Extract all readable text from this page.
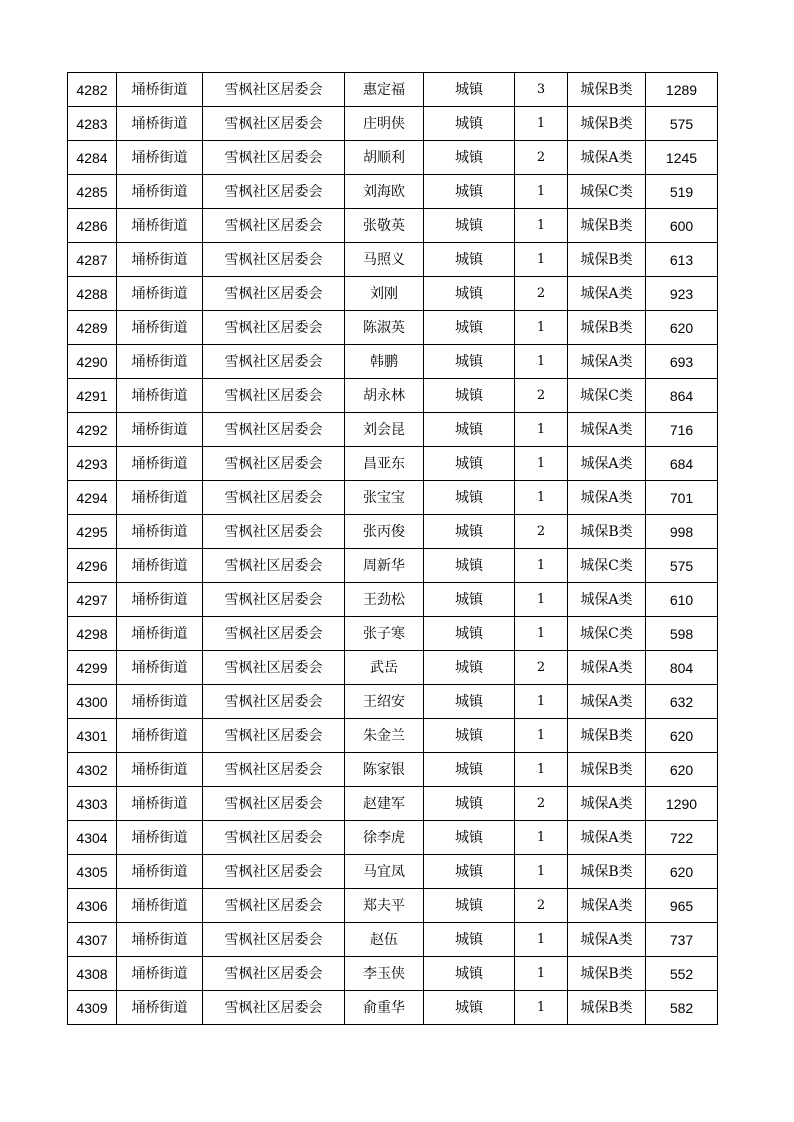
4282	埇桥街道	雪枫社区居委会	惠定福	城镇	3	城保B类	1289
4283	埇桥街道	雪枫社区居委会	庄明侠	城镇	1	城保B类	575
4284	埇桥街道	雪枫社区居委会	胡顺利	城镇	2	城保A类	1245
4285	埇桥街道	雪枫社区居委会	刘海欧	城镇	1	城保C类	519
4286	埇桥街道	雪枫社区居委会	张敬英	城镇	1	城保B类	600
4287	埇桥街道	雪枫社区居委会	马照义	城镇	1	城保B类	613
4288	埇桥街道	雪枫社区居委会	刘刚	城镇	2	城保A类	923
4289	埇桥街道	雪枫社区居委会	陈淑英	城镇	1	城保B类	620
4290	埇桥街道	雪枫社区居委会	韩鹏	城镇	1	城保A类	693
4291	埇桥街道	雪枫社区居委会	胡永林	城镇	2	城保C类	864
4292	埇桥街道	雪枫社区居委会	刘会昆	城镇	1	城保A类	716
4293	埇桥街道	雪枫社区居委会	昌亚东	城镇	1	城保A类	684
4294	埇桥街道	雪枫社区居委会	张宝宝	城镇	1	城保A类	701
4295	埇桥街道	雪枫社区居委会	张丙俊	城镇	2	城保B类	998
4296	埇桥街道	雪枫社区居委会	周新华	城镇	1	城保C类	575
4297	埇桥街道	雪枫社区居委会	王劲松	城镇	1	城保A类	610
4298	埇桥街道	雪枫社区居委会	张子寒	城镇	1	城保C类	598
4299	埇桥街道	雪枫社区居委会	武岳	城镇	2	城保A类	804
4300	埇桥街道	雪枫社区居委会	王绍安	城镇	1	城保A类	632
4301	埇桥街道	雪枫社区居委会	朱金兰	城镇	1	城保B类	620
4302	埇桥街道	雪枫社区居委会	陈家银	城镇	1	城保B类	620
4303	埇桥街道	雪枫社区居委会	赵建军	城镇	2	城保A类	1290
4304	埇桥街道	雪枫社区居委会	徐李虎	城镇	1	城保A类	722
4305	埇桥街道	雪枫社区居委会	马宜凤	城镇	1	城保B类	620
4306	埇桥街道	雪枫社区居委会	郑夫平	城镇	2	城保A类	965
4307	埇桥街道	雪枫社区居委会	赵伍	城镇	1	城保A类	737
4308	埇桥街道	雪枫社区居委会	李玉侠	城镇	1	城保B类	552
4309	埇桥街道	雪枫社区居委会	俞重华	城镇	1	城保B类	582
